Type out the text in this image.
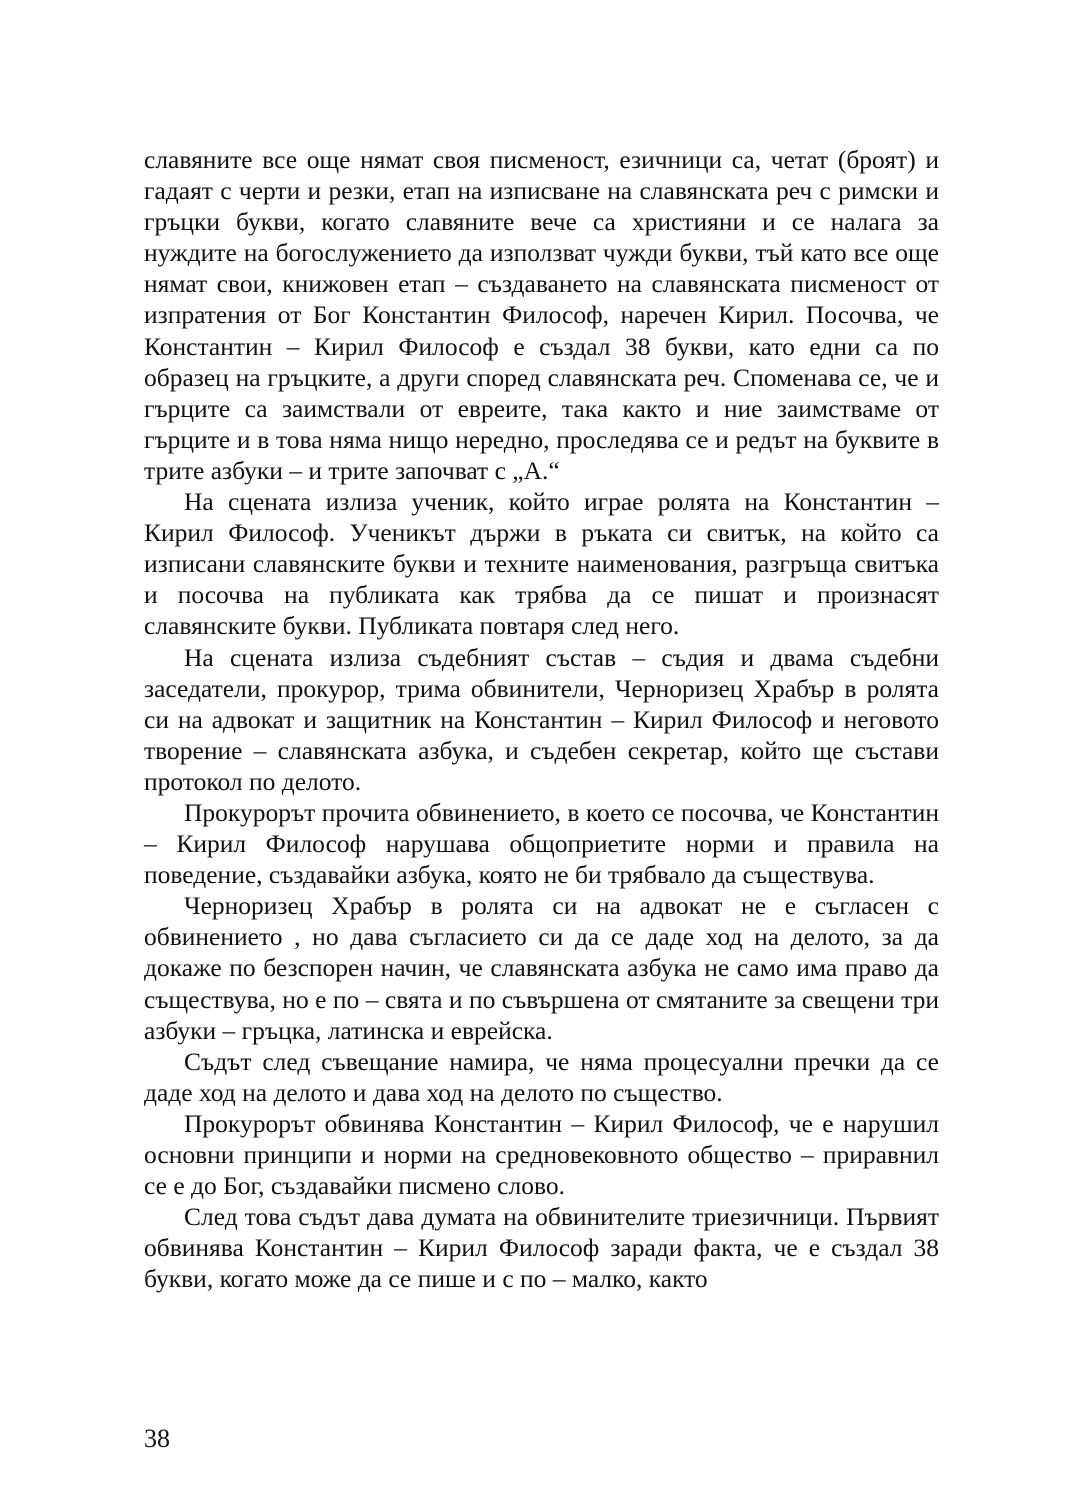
славяните все още нямат своя писменост, езичници са, четат (броят) и гадаят с черти и резки, етап на изписване на славянската реч с римски и гръцки букви, когато славяните вече са християни и се налага за нуждите на богослужението да използват чужди букви, тъй като все още нямат свои, книжовен етап – създаването на славянската писменост от изпратения от Бог Константин Философ, наречен Кирил. Посочва, че Константин – Кирил Философ е създал 38 букви, като едни са по образец на гръцките, а други според славянската реч. Споменава се, че и гърците са заимствали от евреите, така както и ние заимстваме от гърците и в това няма нищо нередно, проследява се и редът на буквите в трите азбуки – и трите започват с „А.“

На сцената излиза ученик, който играе ролята на Константин – Кирил Философ. Ученикът държи в ръката си свитък, на който са изписани славянските букви и техните наименования, разгръща свитъка и посочва на публиката как трябва да се пишат и произнасят славянските букви. Публиката повтаря след него.

На сцената излиза съдебният състав – съдия и двама съдебни заседатели, прокурор, трима обвинители, Черноризец Храбър в ролята си на адвокат и защитник на Константин – Кирил Философ и неговото творение – славянската азбука, и съдебен секретар, който ще състави протокол по делото.

Прокурорът прочита обвинението, в което се посочва, че Константин – Кирил Философ нарушава общоприетите норми и правила на поведение, създавайки азбука, която не би трябвало да съществува.

Черноризец Храбър в ролята си на адвокат не е съгласен с обвинението , но дава съгласието си да се даде ход на делото, за да докаже по безспорен начин, че славянската азбука не само има право да съществува, но е по – свята и по съвършена от смятаните за свещени три азбуки – гръцка, латинска и еврейска.

Съдът след съвещание намира, че няма процесуални пречки да се даде ход на делото и дава ход на делото по същество.

Прокурорът обвинява Константин – Кирил Философ, че е нарушил основни принципи и норми на средновековното общество – приравнил се е до Бог, създавайки писмено слово.

След това съдът дава думата на обвинителите триезичници. Първият обвинява Константин – Кирил Философ заради факта, че е създал 38 букви, когато може да се пише и с по – малко, както

38
